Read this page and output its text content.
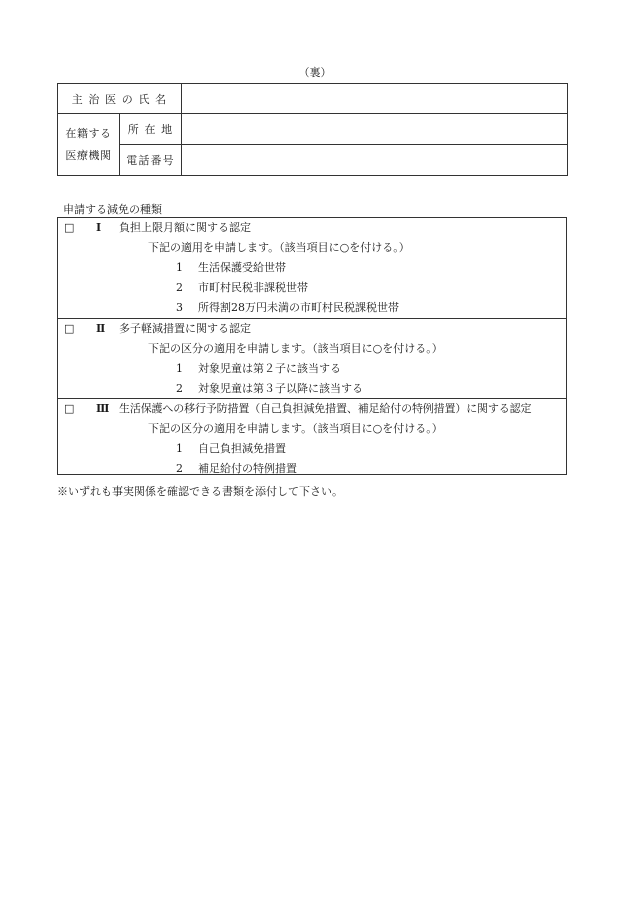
（裏）
主 治 医 の 氏 名		
在籍する
医療機関	所 在 地	
	電話番号	
申請する減免の種類
□ Ⅰ 負担上限月額に関する認定
下記の適用を申請します。（該当項目に○を付ける。）
1 生活保護受給世帯
2 市町村民税非課税世帯
3 所得割28万円未満の市町村民税課税世帯
□ Ⅱ 多子軽減措置に関する認定
下記の区分の適用を申請します。（該当項目に○を付ける。）
1 対象児童は第２子に該当する
2 対象児童は第３子以降に該当する
□ Ⅲ 生活保護への移行予防措置（自己負担減免措置、補足給付の特例措置）に関する認定
下記の区分の適用を申請します。（該当項目に○を付ける。）
1 自己負担減免措置
2 補足給付の特例措置
※いずれも事実関係を確認できる書類を添付して下さい。
